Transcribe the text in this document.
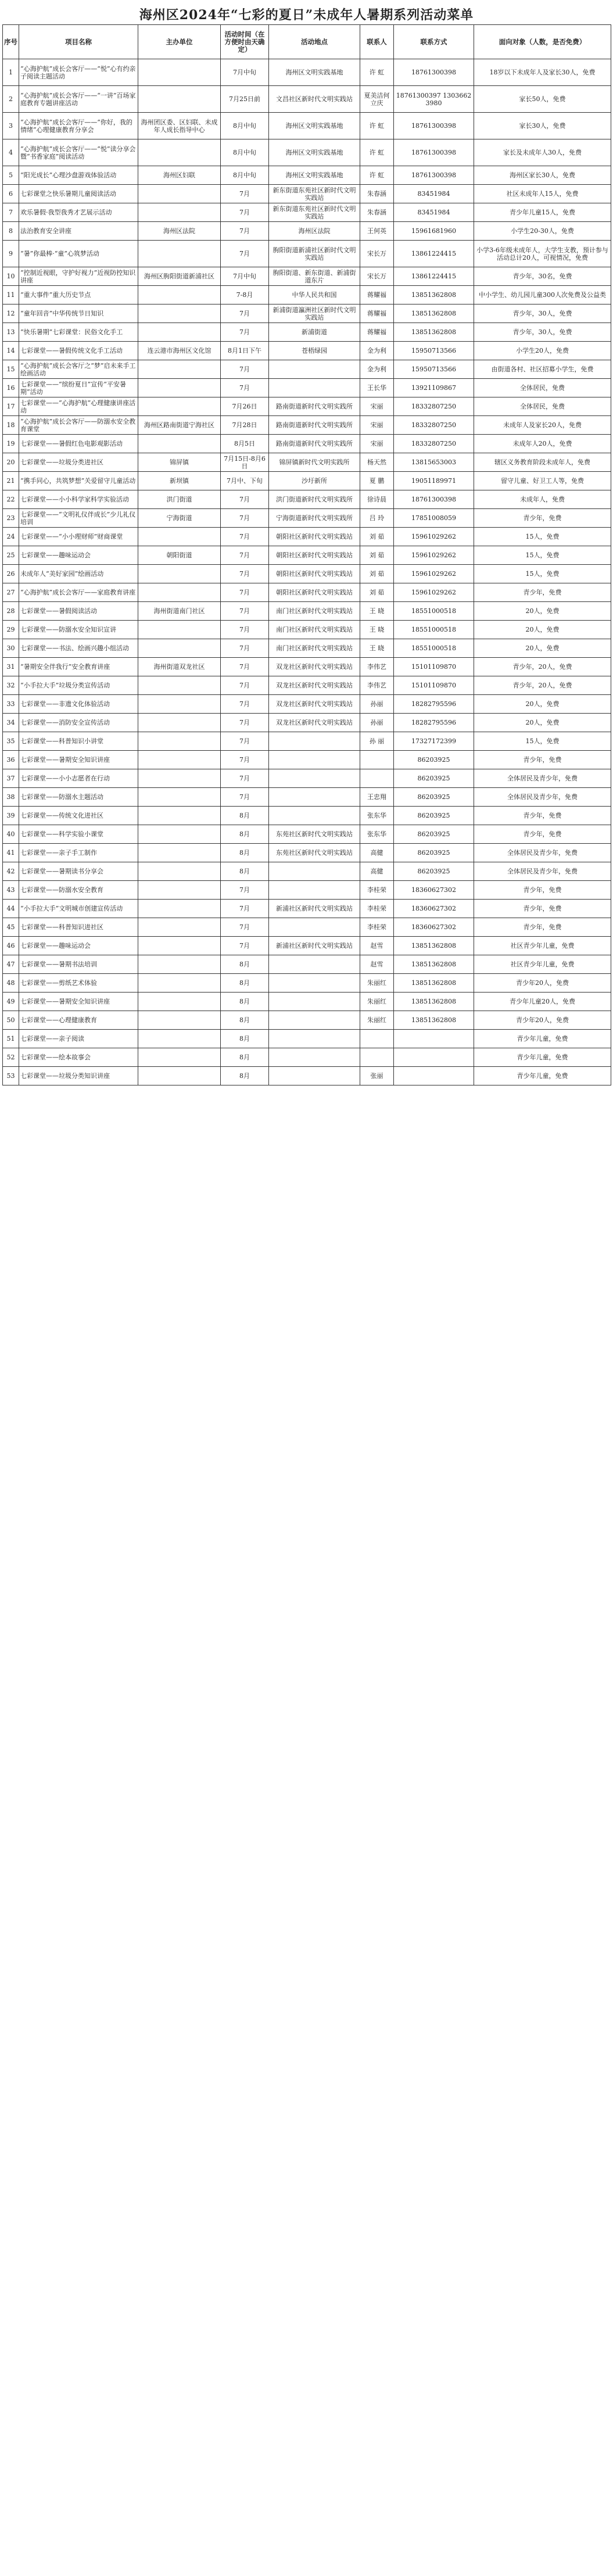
海州区2024年“七彩的夏日”未成年人暑期系列活动菜单
序号	项目名称	主办单位	活动时间（在方便时由天确定）	活动地点	联系人	联系方式	面向对象（人数，是否免费）
1	“心海护航”成长会客厅——“悦”心有约亲子阅读主题活动		7月中旬	海州区文明实践基地	许 虹	18761300398	18岁以下未成年人及家长30人，免费
2	“心海护航”成长会客厅——“一讲”百场家庭教育专题讲座活动		7月25日前	文昌社区新时代文明实践站	夏美洁何立庆	18761300397 13036623980	家长50人，免费
3	“心海护航”成长会客厅——“你好，我的情绪”心理健康教育分享会	海州团区委、区妇联、未成年人成长指导中心	8月中旬	海州区文明实践基地	许 虹	18761300398	家长30人，免费
4	“心海护航”成长会客厅——“悦”读分享会暨“书香家庭”阅读活动		8月中旬	海州区文明实践基地	许 虹	18761300398	家长及未成年人30人，免费
5	“阳光成长”心理沙盘游戏体验活动	海州区妇联	8月中旬	海州区文明实践基地	许 虹	18761300398	海州区家长30人，免费
6	七彩课堂之快乐暑期儿童阅读活动		7月	新东街道东苑社区新时代文明实践站	朱春涵	83451984	社区未成年人15人，免费
7	欢乐暑假·我型我秀才艺展示活动		7月	新东街道东苑社区新时代文明实践站	朱春涵	83451984	青少年儿童15人，免费
8	法治教育安全讲座	海州区法院	7月	海州区法院	王何英	15961681960	小学生20-30人，免费
9	“暑”你最棒·“童”心筑梦活动		7月	朐阳街道新浦社区新时代文明实践站	宋长万	13861224415	小学3-6年级未成年人，大学生支教，预计参与活动总计20人，可视情况，免费
10	“控制近视眼，守护好视力”近视防控知识讲座	海州区朐阳街道新浦社区	7月中旬	朐阳街道、新东街道、新浦街道东片	宋长万	13861224415	青少年，30名，免费
11	“重大事件”重大历史节点		7-8月	中华人民共和国	蒋耀福	13851362808	中小学生、幼儿园儿童300人次免费及公益类
12	“童年回音”中华传统节日知识		7月	新浦街道瀛洲社区新时代文明实践站	蒋耀福	13851362808	青少年，30人，免费
13	“快乐暑期”七彩课堂：民俗文化手工		7月	新浦街道	蒋耀福	13851362808	青少年，30人，免费
14	七彩课堂——暑假传统文化手工活动	连云港市海州区文化馆	8月1日下午	苍梧绿园	金为利	15950713566	小学生20人，免费
15	“心海护航”成长会客厅之“梦”启未来手工绘画活动		7月		金为利	15950713566	由街道各村、社区招募小学生，免费
16	七彩课堂——“缤纷夏日”宣传“平安暑期”活动		7月		王长华	13921109867	全体居民，免费
17	七彩课堂——“心海护航”心理健康讲座活动		7月26日	路南街道新时代文明实践所	宋丽	18332807250	全体居民，免费
18	“心海护航”成长会客厅——防溺水安全教育课堂	海州区路南街道宁海社区	7月28日	路南街道新时代文明实践所	宋丽	18332807250	未成年人及家长20人，免费
19	七彩课堂——暑假红色电影观影活动		8月5日	路南街道新时代文明实践所	宋丽	18332807250	未成年人20人，免费
20	七彩课堂——垃圾分类进社区	锦屏镇	7月15日-8月6日	锦屏镇新时代文明实践所	杨天然	13815653003	辖区义务教育阶段未成年人，免费
21	“携手同心，共筑梦想”关爱留守儿童活动	新坝镇	7月中、下旬	沙圩新所	夏 鹏	19051189971	留守儿童、好卫工人等，免费
22	七彩课堂——小小科学家科学实验活动	洪门街道	7月	洪门街道新时代文明实践所	徐诗晨	18761300398	未成年人，免费
23	七彩课堂——“文明礼仪伴成长”少儿礼仪培训	宁海街道	7月	宁海街道新时代文明实践所	吕 玲	17851008059	青少年，免费
24	七彩课堂——“小小理财师”财商课堂		7月	朝阳社区新时代文明实践站	刘 茹	15961029262	15人，免费
25	七彩课堂——趣味运动会	朝阳街道	7月	朝阳社区新时代文明实践站	刘 茹	15961029262	15人，免费
26	未成年人“美好家园”绘画活动		7月	朝阳社区新时代文明实践站	刘 茹	15961029262	15人，免费
27	“心海护航”成长会客厅——家庭教育讲座		7月	朝阳社区新时代文明实践站	刘 茹	15961029262	青少年，免费
28	七彩课堂——暑假阅读活动	海州街道南门社区	7月	南门社区新时代文明实践站	王 晓	18551000518	20人，免费
29	七彩课堂——防溺水安全知识宣讲		7月	南门社区新时代文明实践站	王 晓	18551000518	20人，免费
30	七彩课堂——书法、绘画兴趣小组活动		7月	南门社区新时代文明实践站	王 晓	18551000518	20人，免费
31	“暑期安全伴我行”安全教育讲座	海州街道双龙社区	7月	双龙社区新时代文明实践站	李伟艺	15101109870	青少年，20人，免费
32	“小手拉大手”垃圾分类宣传活动		7月	双龙社区新时代文明实践站	李伟艺	15101109870	青少年，20人，免费
33	七彩课堂——非遗文化体验活动		7月	双龙社区新时代文明实践站	孙丽	18282795596	20人，免费
34	七彩课堂——消防安全宣传活动		7月	双龙社区新时代文明实践站	孙丽	18282795596	20人，免费
35	七彩课堂——科普知识小讲堂		7月		孙 丽	17327172399	15人，免费
36	七彩课堂——暑期安全知识讲座		7月			86203925	青少年，免费
37	七彩课堂——小小志愿者在行动		7月			86203925	全体居民及青少年，免费
38	七彩课堂——防溺水主题活动		7月		王忠翔	86203925	全体居民及青少年，免费
39	七彩课堂——传统文化进社区		8月		张东华	86203925	青少年，免费
40	七彩课堂——科学实验小课堂		8月	东苑社区新时代文明实践站	张东华	86203925	青少年，免费
41	七彩课堂——亲子手工制作		8月	东苑社区新时代文明实践站	高健	86203925	全体居民及青少年，免费
42	七彩课堂——暑期读书分享会		8月		高健	86203925	全体居民及青少年，免费
43	七彩课堂——防溺水安全教育		7月		李桂荣	18360627302	青少年，免费
44	“小手拉大手”文明城市创建宣传活动		7月	新浦社区新时代文明实践站	李桂荣	18360627302	青少年，免费
45	七彩课堂——科普知识进社区		7月		李桂荣	18360627302	青少年，免费
46	七彩课堂——趣味运动会		7月	新浦社区新时代文明实践站	赵雪	13851362808	社区青少年儿童，免费
47	七彩课堂——暑期书法培训		8月		赵雪	13851362808	社区青少年儿童，免费
48	七彩课堂——剪纸艺术体验		8月		朱丽红	13851362808	青少年20人，免费
49	七彩课堂——暑期安全知识讲座		8月		朱丽红	13851362808	青少年儿童20人，免费
50	七彩课堂——心理健康教育		8月		朱丽红	13851362808	青少年20人，免费
51	七彩课堂——亲子阅读		8月				青少年儿童，免费
52	七彩课堂——绘本故事会		8月				青少年儿童，免费
53	七彩课堂——垃圾分类知识讲座		8月		张丽		青少年儿童，免费
